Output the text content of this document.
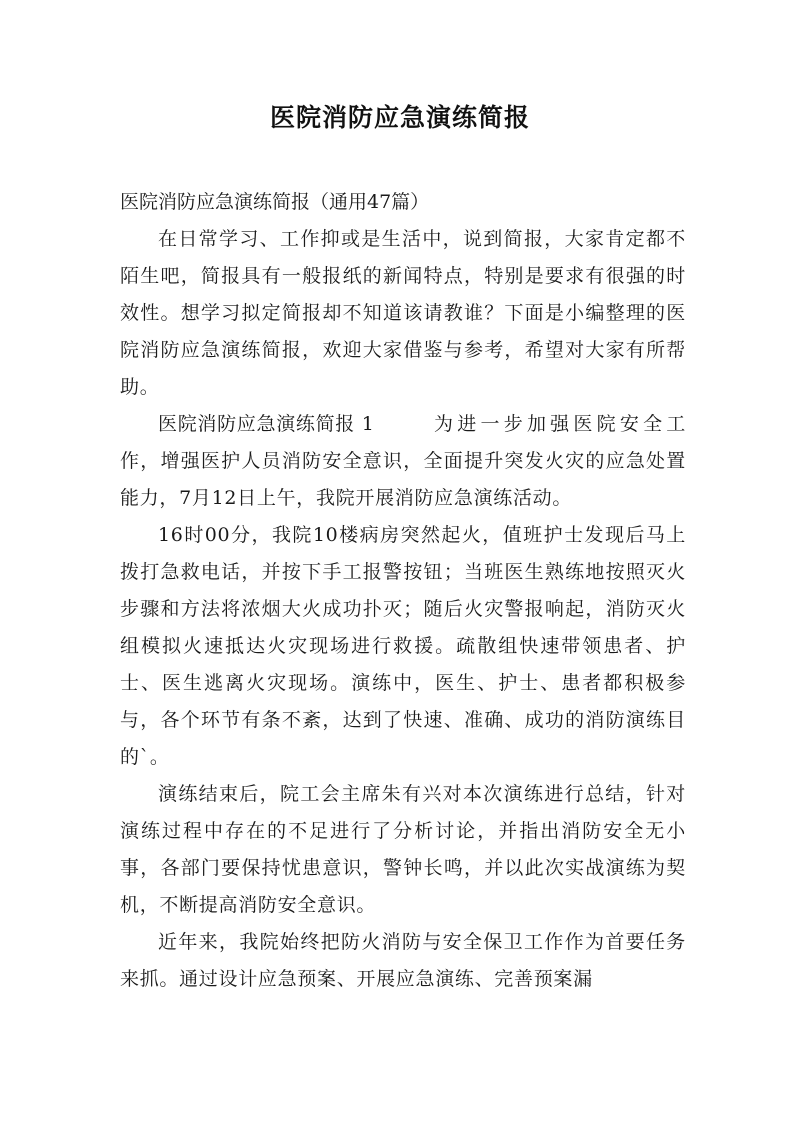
医院消防应急演练简报

医院消防应急演练简报（通用47篇）

在日常学习、工作抑或是生活中，说到简报，大家肯定都不陌生吧，简报具有一般报纸的新闻特点，特别是要求有很强的时效性。想学习拟定简报却不知道该请教谁？下面是小编整理的医院消防应急演练简报，欢迎大家借鉴与参考，希望对大家有所帮助。

医院消防应急演练简报 1	为进一步加强医院安全工作，增强医护人员消防安全意识，全面提升突发火灾的应急处置能力，7月12日上午，我院开展消防应急演练活动。

16时00分，我院10楼病房突然起火，值班护士发现后马上拨打急救电话，并按下手工报警按钮；当班医生熟练地按照灭火步骤和方法将浓烟大火成功扑灭；随后火灾警报响起，消防灭火组模拟火速抵达火灾现场进行救援。疏散组快速带领患者、护士、医生逃离火灾现场。演练中，医生、护士、患者都积极参与，各个环节有条不紊，达到了快速、准确、成功的消防演练目的`。

演练结束后，院工会主席朱有兴对本次演练进行总结，针对演练过程中存在的不足进行了分析讨论，并指出消防安全无小事，各部门要保持忧患意识，警钟长鸣，并以此次实战演练为契机，不断提高消防安全意识。

近年来，我院始终把防火消防与安全保卫工作作为首要任务来抓。通过设计应急预案、开展应急演练、完善预案漏
